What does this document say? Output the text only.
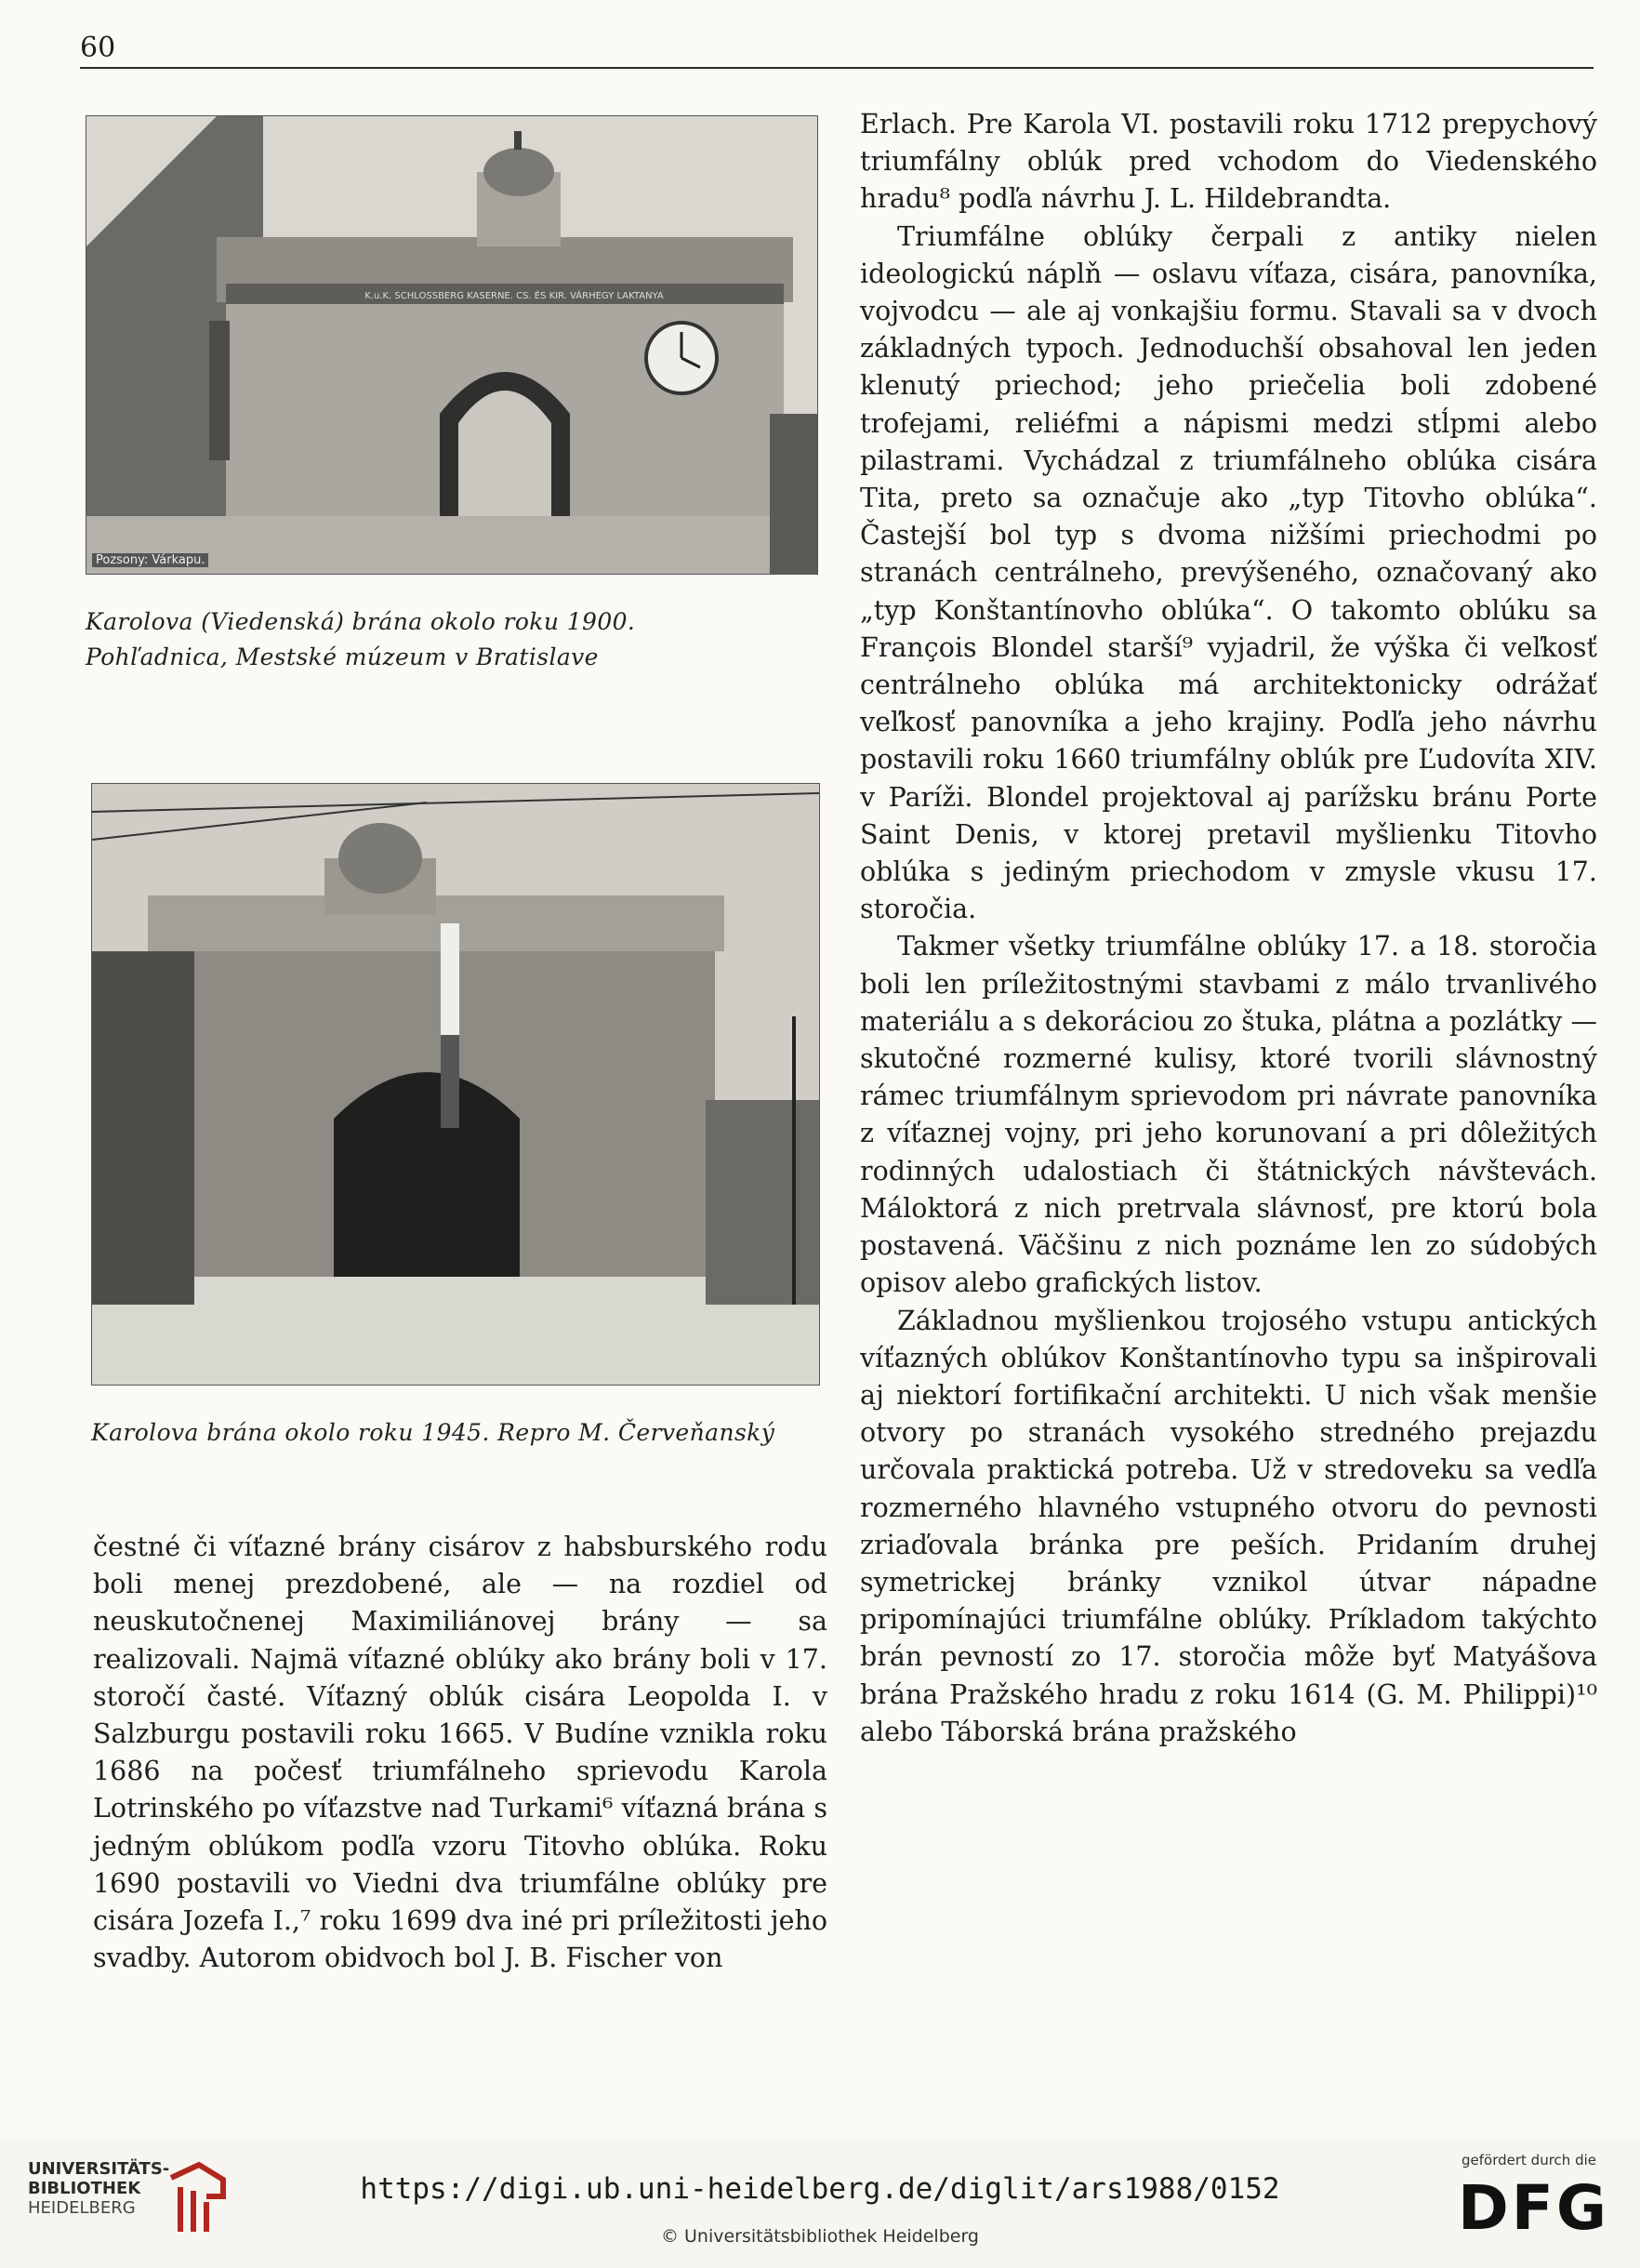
60
K.u.K. SCHLOSSBERG KASERNE. CS. ÉS KIR. VÁRHEGY LAKTANYA
Pozsony: Várkapu.
Karolova (Viedenská) brána okolo roku 1900.
Pohľadnica, Mestské múzeum v Bratislave
Karolova brána okolo roku 1945. Repro M. Červeňanský

čestné či víťazné brány cisárov z habsburského rodu boli menej prezdobené, ale — na rozdiel od neuskutočnenej Maximiliánovej brány — sa realizovali. Najmä víťazné oblúky ako brány boli v 17. storočí časté. Víťazný oblúk cisára Leopolda I. v Salzburgu postavili roku 1665. V Budíne vznikla roku 1686 na počesť triumfálneho sprievodu Karola Lotrinského po víťazstve nad Turkami⁶ víťazná brána s jedným oblúkom podľa vzoru Titovho oblúka. Roku 1690 postavili vo Viedni dva triumfálne oblúky pre cisára Jozefa I.,⁷ roku 1699 dva iné pri príležitosti jeho svadby. Autorom obidvoch bol J. B. Fischer von

Erlach. Pre Karola VI. postavili roku 1712 prepychový triumfálny oblúk pred vchodom do Viedenského hradu⁸ podľa návrhu J. L. Hildebrandta.

Triumfálne oblúky čerpali z antiky nielen ideologickú náplň — oslavu víťaza, cisára, panovníka, vojvodcu — ale aj vonkajšiu formu. Stavali sa v dvoch základných typoch. Jednoduchší obsahoval len jeden klenutý priechod; jeho priečelia boli zdobené trofejami, reliéfmi a nápismi medzi stĺpmi alebo pilastrami. Vychádzal z triumfálneho oblúka cisára Tita, preto sa označuje ako „typ Titovho oblúka“. Častejší bol typ s dvoma nižšími priechodmi po stranách centrálneho, prevýšeného, označovaný ako „typ Konštantínovho oblúka“. O takomto oblúku sa François Blondel starší⁹ vyjadril, že výška či veľkosť centrálneho oblúka má architektonicky odrážať veľkosť panovníka a jeho krajiny. Podľa jeho návrhu postavili roku 1660 triumfálny oblúk pre Ľudovíta XIV. v Paríži. Blondel projektoval aj parížsku bránu Porte Saint Denis, v ktorej pretavil myšlienku Titovho oblúka s jediným priechodom v zmysle vkusu 17. storočia.

Takmer všetky triumfálne oblúky 17. a 18. storočia boli len príležitostnými stavbami z málo trvanlivého materiálu a s dekoráciou zo štuka, plátna a pozlátky — skutočné rozmerné kulisy, ktoré tvorili slávnostný rámec triumfálnym sprievodom pri návrate panovníka z víťaznej vojny, pri jeho korunovaní a pri dôležitých rodinných udalostiach či štátnických návštevách. Máloktorá z nich pretrvala slávnosť, pre ktorú bola postavená. Väčšinu z nich poznáme len zo súdobých opisov alebo grafických listov.

Základnou myšlienkou trojosého vstupu antických víťazných oblúkov Konštantínovho typu sa inšpirovali aj niektorí fortifikační architekti. U nich však menšie otvory po stranách vysokého stredného prejazdu určovala praktická potreba. Už v stredoveku sa vedľa rozmerného hlavného vstupného otvoru do pevnosti zriaďovala bránka pre peších. Pridaním druhej symetrickej bránky vznikol útvar nápadne pripomínajúci triumfálne oblúky. Príkladom takýchto brán pevností zo 17. storočia môže byť Matyášova brána Pražského hradu z roku 1614 (G. M. Philippi)¹⁰ alebo Táborská brána pražského

UNIVERSITÄTS-
BIBLIOTHEK
HEIDELBERG
https://digi.ub.uni-heidelberg.de/diglit/ars1988/0152
© Universitätsbibliothek Heidelberg
gefördert durch die
DFG
